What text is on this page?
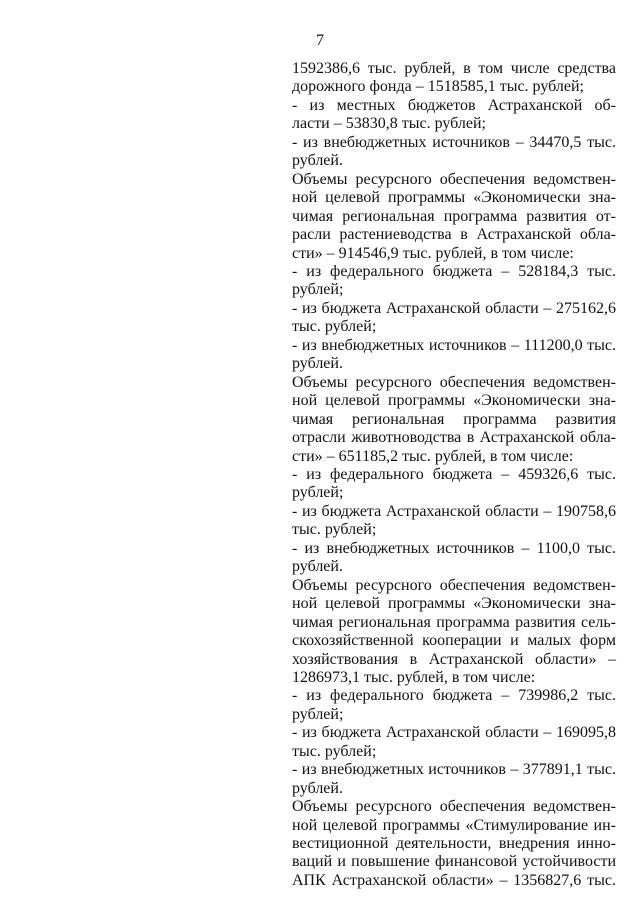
7
1592386,6 тыс. рублей, в том числе средства
дорожного фонда – 1518585,1 тыс. рублей;
- из местных бюджетов Астраханской об-
ласти – 53830,8 тыс. рублей;
- из внебюджетных источников – 34470,5 тыс.
рублей.
Объемы ресурсного обеспечения ведомствен-
ной целевой программы «Экономически зна-
чимая региональная программа развития от-
расли растениеводства в Астраханской обла-
сти» – 914546,9 тыс. рублей, в том числе:
- из федерального бюджета – 528184,3 тыс.
рублей;
- из бюджета Астраханской области – 275162,6
тыс. рублей;
- из внебюджетных источников – 111200,0 тыс.
рублей.
Объемы ресурсного обеспечения ведомствен-
ной целевой программы «Экономически зна-
чимая региональная программа развития
отрасли животноводства в Астраханской обла-
сти» – 651185,2 тыс. рублей, в том числе:
- из федерального бюджета – 459326,6 тыс.
рублей;
- из бюджета Астраханской области – 190758,6
тыс. рублей;
- из внебюджетных источников – 1100,0 тыс.
рублей.
Объемы ресурсного обеспечения ведомствен-
ной целевой программы «Экономически зна-
чимая региональная программа развития сель-
скохозяйственной кооперации и малых форм
хозяйствования в Астраханской области» –
1286973,1 тыс. рублей, в том числе:
- из федерального бюджета – 739986,2 тыс.
рублей;
- из бюджета Астраханской области – 169095,8
тыс. рублей;
- из внебюджетных источников – 377891,1 тыс.
рублей.
Объемы ресурсного обеспечения ведомствен-
ной целевой программы «Стимулирование ин-
вестиционной деятельности, внедрения инно-
ваций и повышение финансовой устойчивости
АПК Астраханской области» – 1356827,6 тыс.
